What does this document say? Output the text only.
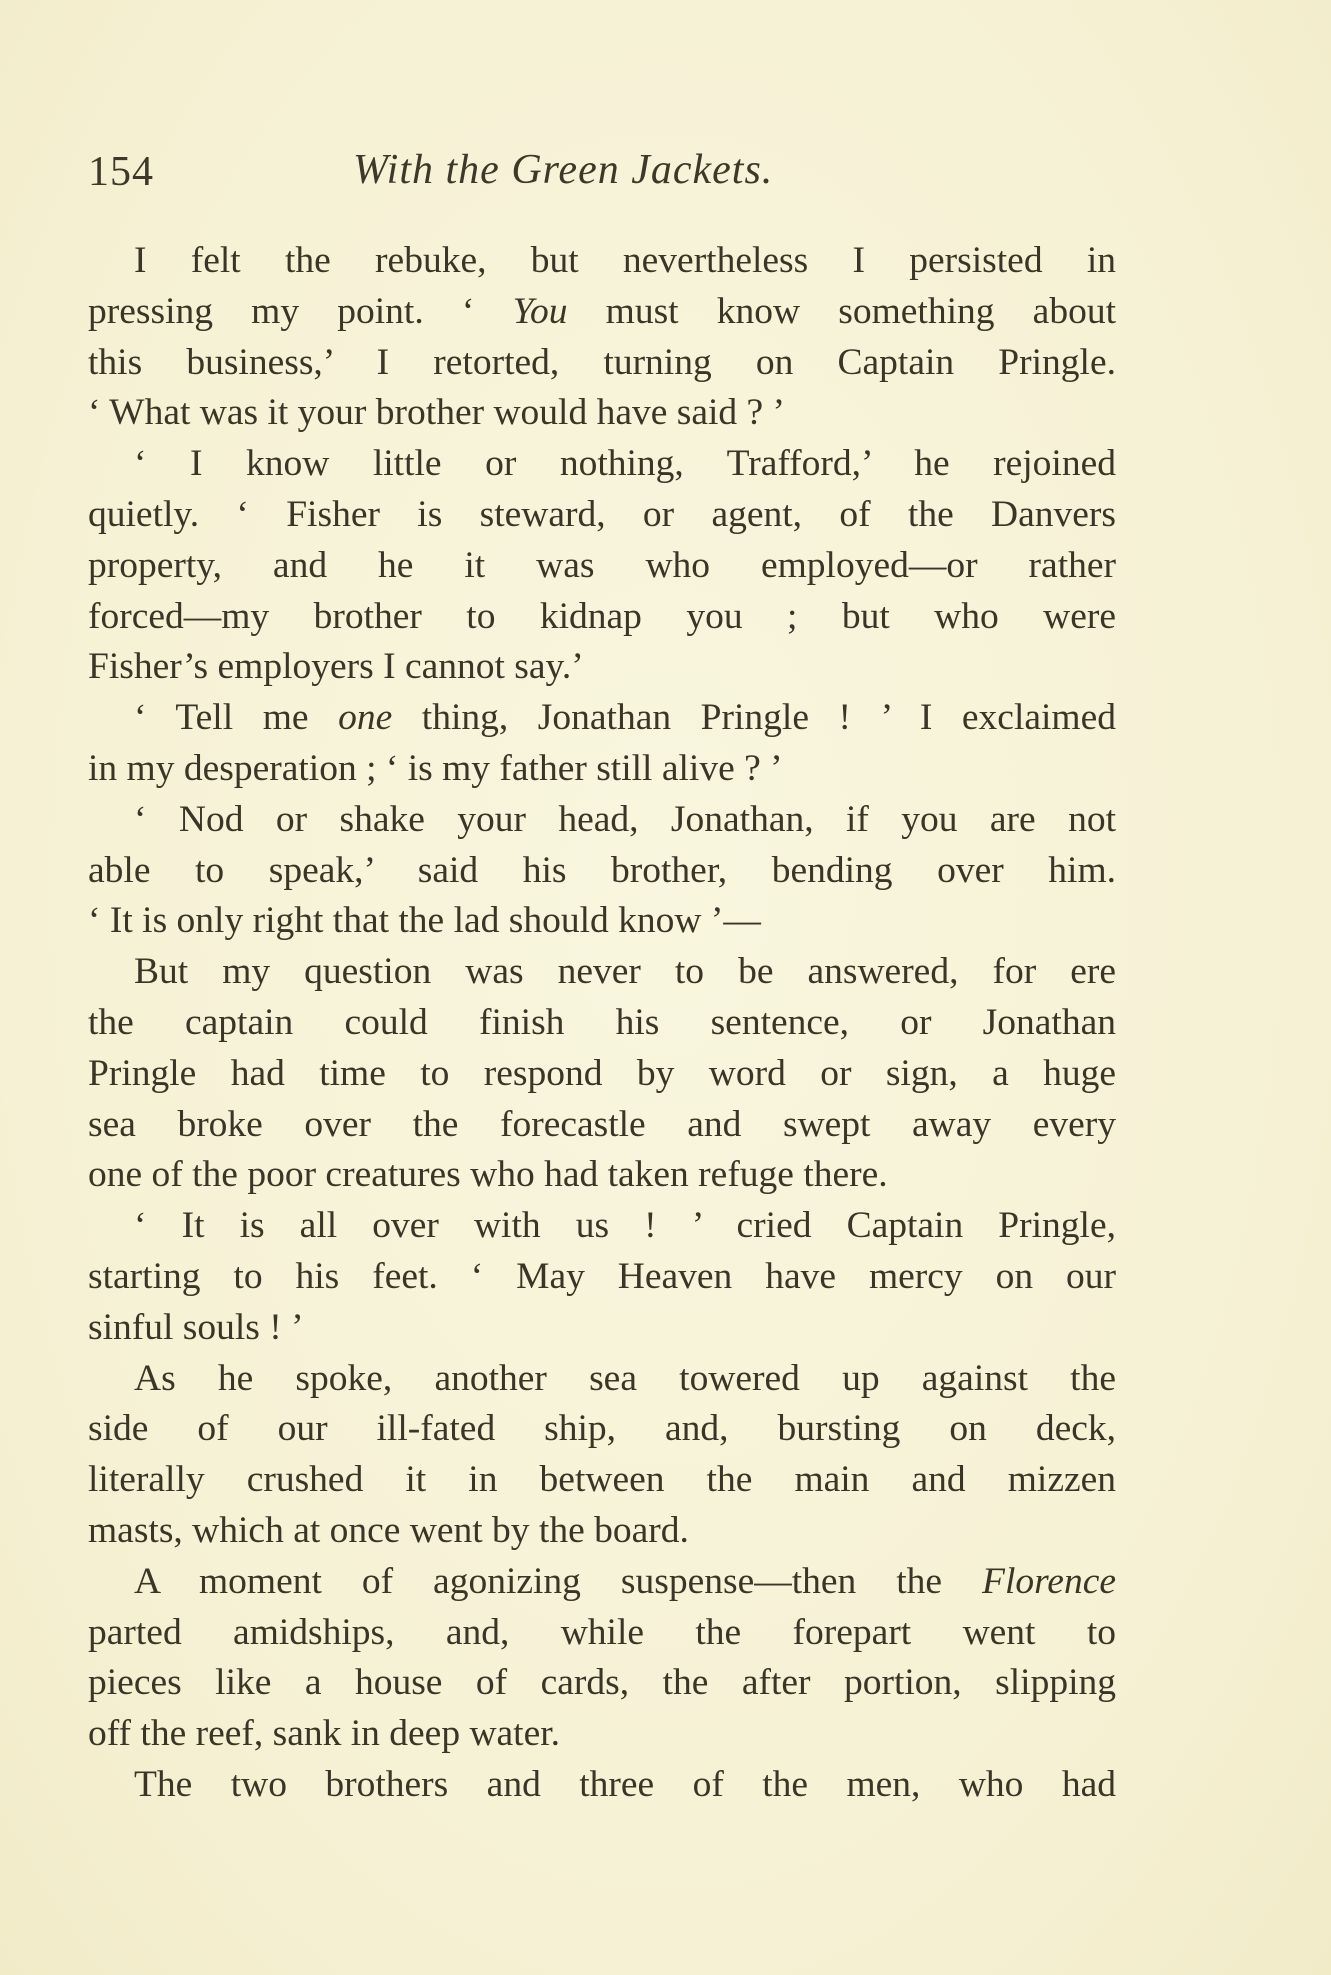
154	With the Green Jackets.
I felt the rebuke, but nevertheless I persisted in
pressing my point. ‘ You must know something about
this business,’ I retorted, turning on Captain Pringle.
‘ What was it your brother would have said ? ’
‘ I know little or nothing, Trafford,’ he rejoined
quietly. ‘ Fisher is steward, or agent, of the Danvers
property, and he it was who employed—or rather
forced—my brother to kidnap you ; but who were
Fisher’s employers I cannot say.’
‘ Tell me one thing, Jonathan Pringle ! ’ I exclaimed
in my desperation ; ‘ is my father still alive ? ’
‘ Nod or shake your head, Jonathan, if you are not
able to speak,’ said his brother, bending over him.
‘ It is only right that the lad should know ’—
But my question was never to be answered, for ere
the captain could finish his sentence, or Jonathan
Pringle had time to respond by word or sign, a huge
sea broke over the forecastle and swept away every
one of the poor creatures who had taken refuge there.
‘ It is all over with us ! ’ cried Captain Pringle,
starting to his feet. ‘ May Heaven have mercy on our
sinful souls ! ’
As he spoke, another sea towered up against the
side of our ill-fated ship, and, bursting on deck,
literally crushed it in between the main and mizzen
masts, which at once went by the board.
A moment of agonizing suspense—then the Florence
parted amidships, and, while the forepart went to
pieces like a house of cards, the after portion, slipping
off the reef, sank in deep water.
The two brothers and three of the men, who had
